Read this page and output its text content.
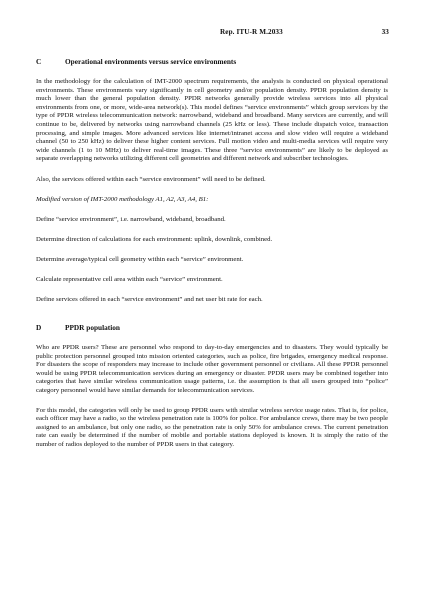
Rep. ITU-R M.2033	33
C	Operational environments versus service environments

In the methodology for the calculation of IMT-2000 spectrum requirements, the analysis is conducted on physical operational environments. These environments vary significantly in cell geometry and/or population density. PPDR population density is much lower than the general population density. PPDR networks generally provide wireless services into all physical environments from one, or more, wide-area network(s). This model defines “service environments” which group services by the type of PPDR wireless telecommunication network: narrowband, wideband and broadband. Many services are currently, and will continue to be, delivered by networks using narrowband channels (25 kHz or less). These include dispatch voice, transaction processing, and simple images. More advanced services like internet/intranet access and slow video will require a wideband channel (50 to 250 kHz) to deliver these higher content services. Full motion video and multi-media services will require very wide channels (1 to 10 MHz) to deliver real-time images. These three “service environments” are likely to be deployed as separate overlapping networks utilizing different cell geometries and different network and subscriber technologies.

Also, the services offered within each “service environment” will need to be defined.

Modified version of IMT-2000 methodology A1, A2, A3, A4, B1:

Define “service environment”, i.e. narrowband, wideband, broadband.

Determine direction of calculations for each environment: uplink, downlink, combined.

Determine average/typical cell geometry within each “service” environment.

Calculate representative cell area within each “service” environment.

Define services offered in each “service environment” and net user bit rate for each.

D	PPDR population

Who are PPDR users? These are personnel who respond to day-to-day emergencies and to disasters. They would typically be public protection personnel grouped into mission oriented categories, such as police, fire brigades, emergency medical response. For disasters the scope of responders may increase to include other government personnel or civilians. All these PPDR personnel would be using PPDR telecommunication services during an emergency or disaster. PPDR users may be combined together into categories that have similar wireless communication usage patterns, i.e. the assumption is that all users grouped into “police” category personnel would have similar demands for telecommunication services.

For this model, the categories will only be used to group PPDR users with similar wireless service usage rates. That is, for police, each officer may have a radio, so the wireless penetration rate is 100% for police. For ambulance crews, there may be two people assigned to an ambulance, but only one radio, so the penetration rate is only 50% for ambulance crews. The current penetration rate can easily be determined if the number of mobile and portable stations deployed is known. It is simply the ratio of the number of radios deployed to the number of PPDR users in that category.
